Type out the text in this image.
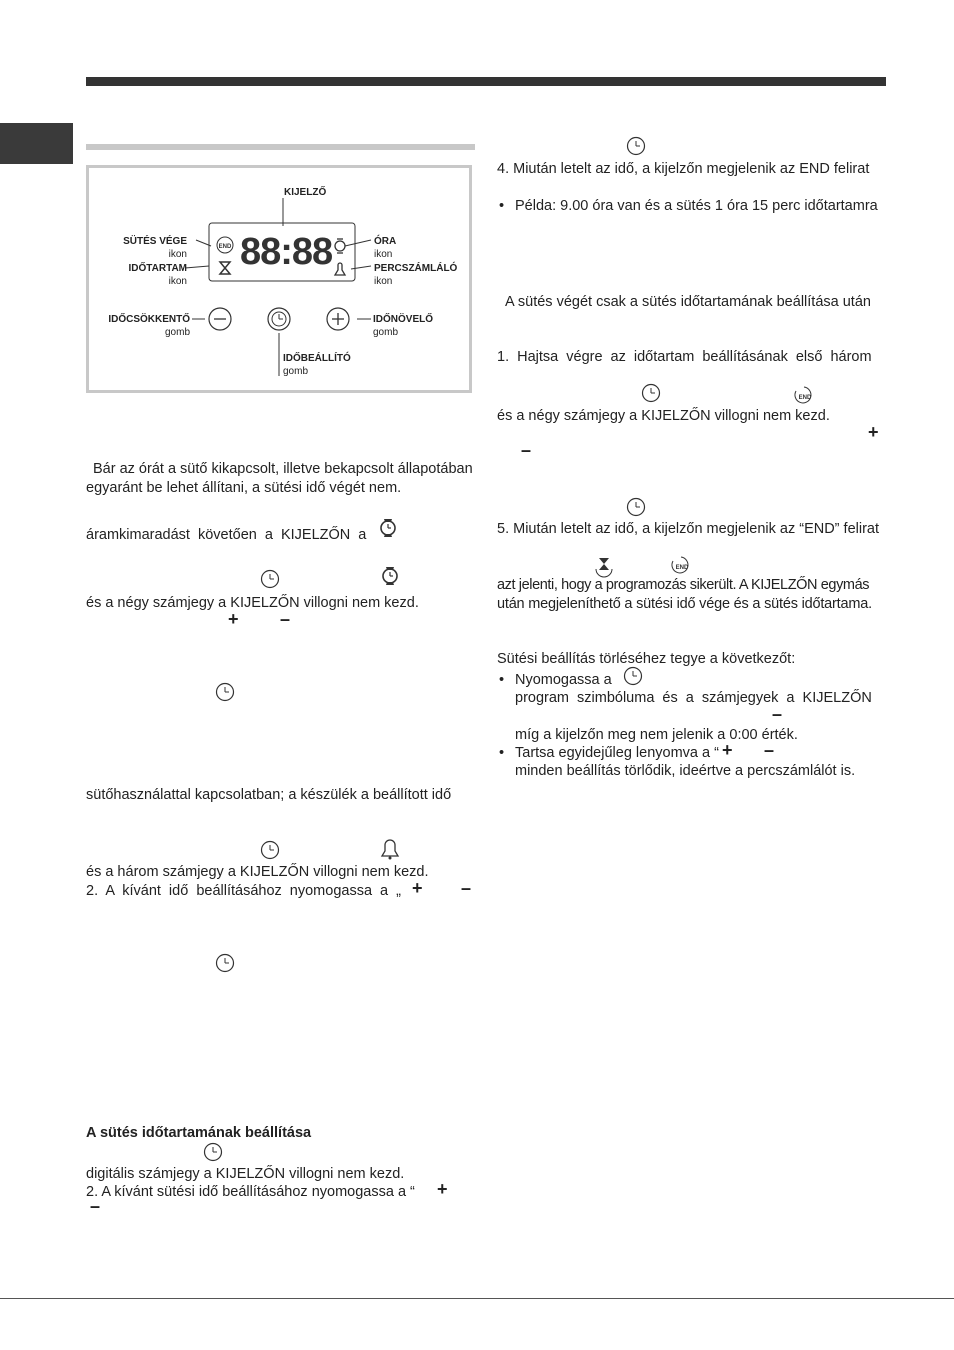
END 88:88
KIJELZŐ
SÜTÉS VÉGE
ikon
IDŐTARTAM
ikon
ÓRA
ikon
PERCSZÁMLÁLÓ
ikon
IDŐCSÖKKENTŐ
gomb
IDŐNÖVELŐ
gomb
IDŐBEÁLLÍTÓ
gomb
Bár az órát a sütő kikapcsolt, illetve bekapcsolt állapotában
egyaránt be lehet állítani, a sütési idő végét nem.
áramkimaradást követően a KIJELZŐN a
és a négy számjegy a KIJELZŐN villogni nem kezd.
+ –
sütőhasználattal kapcsolatban; a készülék a beállított idő
és a három számjegy a KIJELZŐN villogni nem kezd.
2. A kívánt idő beállításához nyomogassa a „ + –
A sütés időtartamának beállítása
digitális számjegy a KIJELZŐN villogni nem kezd.
2. A kívánt sütési idő beállításához nyomogassa a “ +
–
4. Miután letelt az idő, a kijelzőn megjelenik az END felirat
• Példa: 9.00 óra van és a sütés 1 óra 15 perc időtartamra
A sütés végét csak a sütés időtartamának beállítása után
1. Hajtsa végre az időtartam beállításának első három
END
és a négy számjegy a KIJELZŐN villogni nem kezd.
+
–
5. Miután letelt az idő, a kijelzőn megjelenik az “END” felirat
END
azt jelenti, hogy a programozás sikerült. A KIJELZŐN egymás
után megjeleníthető a sütési idő vége és a sütés időtartama.
Sütési beállítás törléséhez tegye a következőt:
• Nyomogassa a
program szimbóluma és a számjegyek a KIJELZŐN
–
míg a kijelzőn meg nem jelenik a 0:00 érték.
• Tartsa egyidejűleg lenyomva a “ + –
minden beállítás törlődik, ideértve a percszámlálót is.
